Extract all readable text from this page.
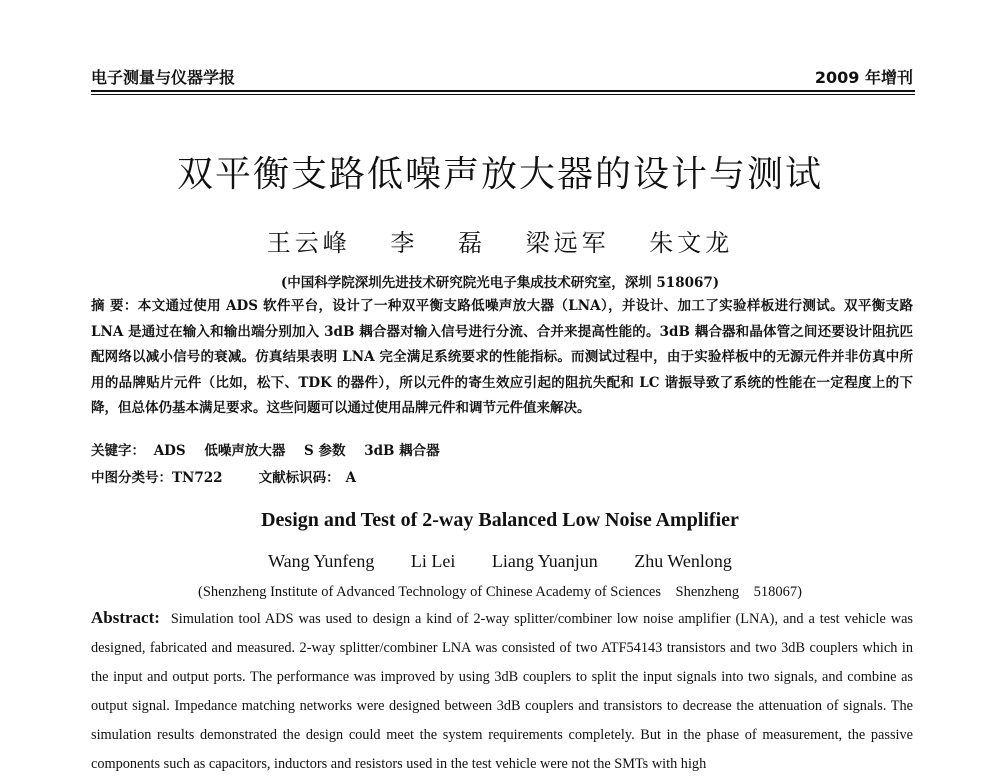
电子测量与仪器学报	2009 年增刊
双平衡支路低噪声放大器的设计与测试
王云峰 李 磊 梁远军 朱文龙
(中国科学院深圳先进技术研究院光电子集成技术研究室，深圳 518067)
摘 要：本文通过使用 ADS 软件平台，设计了一种双平衡支路低噪声放大器（LNA），并设计、加工了实验样板进行测试。双平衡支路 LNA 是通过在输入和输出端分别加入 3dB 耦合器对输入信号进行分流、合并来提高性能的。3dB 耦合器和晶体管之间还要设计阻抗匹配网络以减小信号的衰减。仿真结果表明 LNA 完全满足系统要求的性能指标。而测试过程中，由于实验样板中的无源元件并非仿真中所用的品牌贴片元件（比如，松下、TDK 的器件），所以元件的寄生效应引起的阻抗失配和 LC 谐振导致了系统的性能在一定程度上的下降，但总体仍基本满足要求。这些问题可以通过使用品牌元件和调节元件值来解决。
关键字： ADS 低噪声放大器 S 参数 3dB 耦合器
中图分类号：TN722	文献标识码： A
Design and Test of 2-way Balanced Low Noise Amplifier
Wang Yunfeng Li Lei Liang Yuanjun Zhu Wenlong
(Shenzheng Institute of Advanced Technology of Chinese Academy of Sciences　Shenzheng　518067)
Abstract: Simulation tool ADS was used to design a kind of 2-way splitter/combiner low noise amplifier (LNA), and a test vehicle was designed, fabricated and measured. 2-way splitter/combiner LNA was consisted of two ATF54143 transistors and two 3dB couplers which in the input and output ports. The performance was improved by using 3dB couplers to split the input signals into two signals, and combine as output signal. Impedance matching networks were designed between 3dB couplers and transistors to decrease the attenuation of signals. The simulation results demonstrated the design could meet the system requirements completely. But in the phase of measurement, the passive components such as capacitors, inductors and resistors used in the test vehicle were not the SMTs with high
